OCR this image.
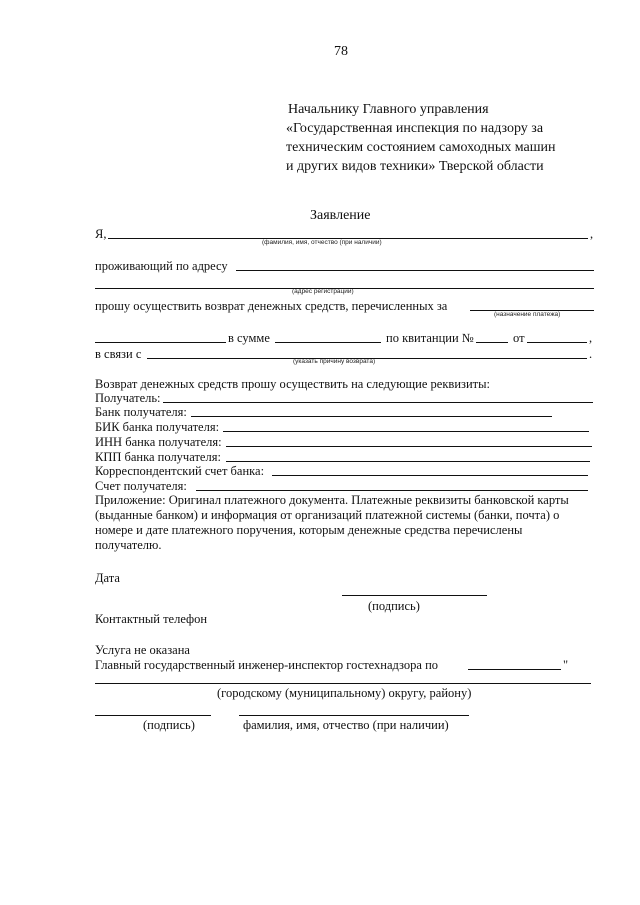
78
Начальнику Главного управления
«Государственная инспекция по надзору за
техническим состоянием самоходных машин
и других видов техники» Тверской области
Заявление
Я,	,
(фамилия, имя, отчество (при наличии)
проживающий по адресу
(адрес регистрации)
прошу осуществить возврат денежных средств, перечисленных за
(назначение платежа)
в сумме	по квитанции №	от	,
в связи с	.
(указать причину возврата)
Возврат денежных средств прошу осуществить на следующие реквизиты:
Получатель:
Банк получателя:
БИК банка получателя:
ИНН банка получателя:
КПП банка получателя:
Корреспондентский счет банка:
Счет получателя:
Приложение: Оригинал платежного документа. Платежные реквизиты банковской карты
(выданные банком) и информация от организаций платежной системы (банки, почта) о
номере и дате платежного поручения, которым денежные средства перечислены
получателю.
Дата
(подпись)
Контактный телефон
Услуга не оказана
Главный государственный инженер-инспектор гостехнадзора по	"
(городскому (муниципальному) округу, району)
(подпись)	фамилия, имя, отчество (при наличии)
